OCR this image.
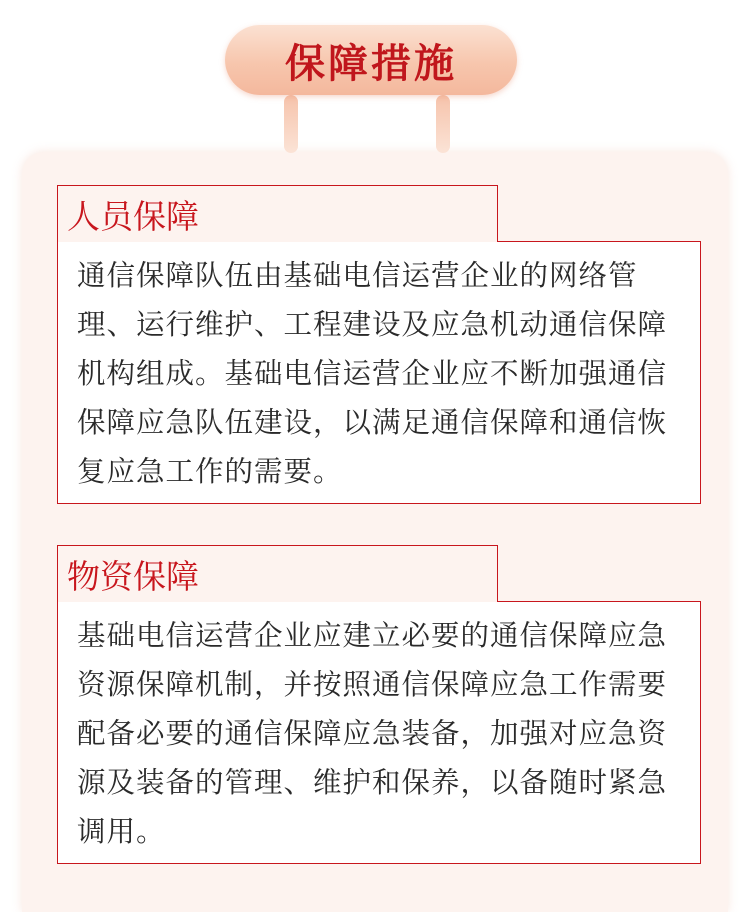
保障措施
人员保障

通信保障队伍由基础电信运营企业的网络管理、运行维护、工程建设及应急机动通信保障机构组成。基础电信运营企业应不断加强通信保障应急队伍建设，以满足通信保障和通信恢复应急工作的需要。

物资保障

基础电信运营企业应建立必要的通信保障应急资源保障机制，并按照通信保障应急工作需要配备必要的通信保障应急装备，加强对应急资源及装备的管理、维护和保养，以备随时紧急调用。
